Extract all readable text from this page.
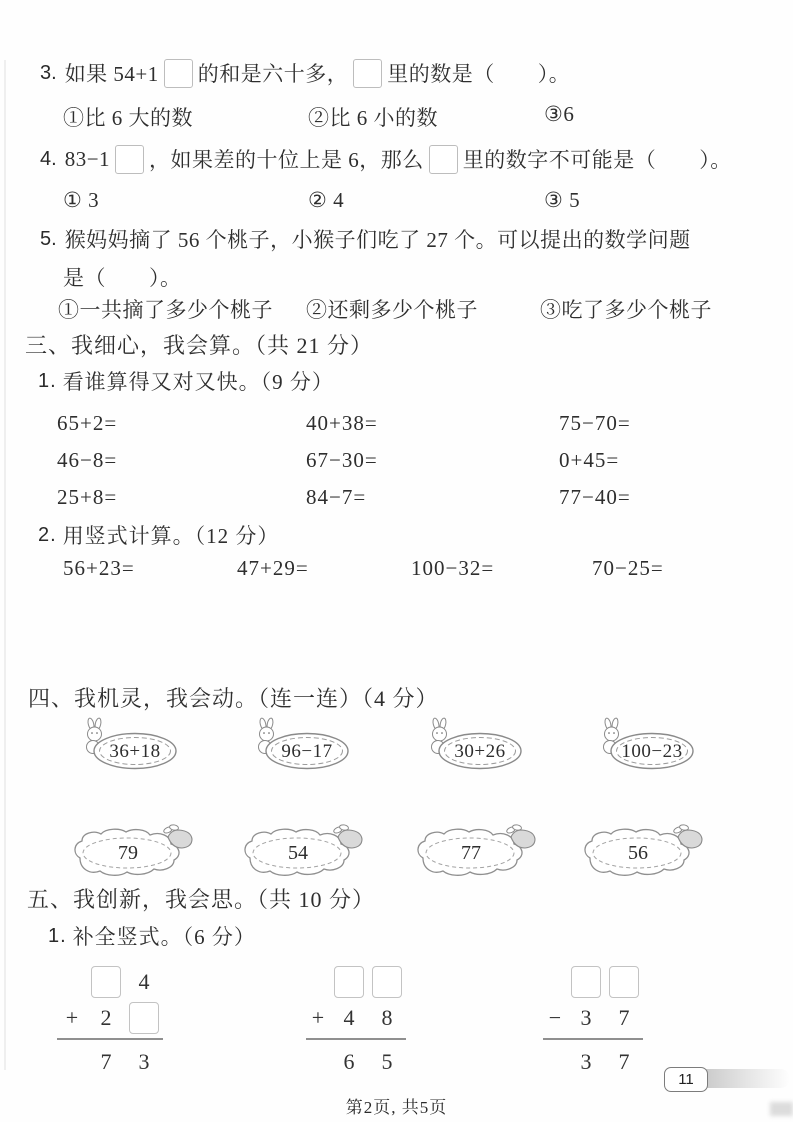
3. 如果 54+1 的和是六十多， 里的数是（　　）。
①比 6 大的数	②比 6 小的数	③6
4. 83−1 ，如果差的十位上是 6，那么 里的数字不可能是（　　）。
① 3	② 4	③ 5
5. 猴妈妈摘了 56 个桃子，小猴子们吃了 27 个。可以提出的数学问题
是（　　）。
①一共摘了多少个桃子 ②还剩多少个桃子	③吃了多少个桃子
三、我细心，我会算。（共 21 分）
1. 看谁算得又对又快。（9 分）
65+2=	40+38=	75−70=
46−8=	67−30=	0+45=
25+8=	84−7=	77−40=
2. 用竖式计算。（12 分）
56+23=	47+29=	100−32=	70−25=
四、我机灵，我会动。（连一连）（4 分）
36+18	96−17	30+26	100−23
79	54	77	56
五、我创新，我会思。（共 10 分）
1. 补全竖式。（6 分）
4
+	2
7	3
+ 4	8
6	5
− 3	7
3	7
11
第2页, 共5页
